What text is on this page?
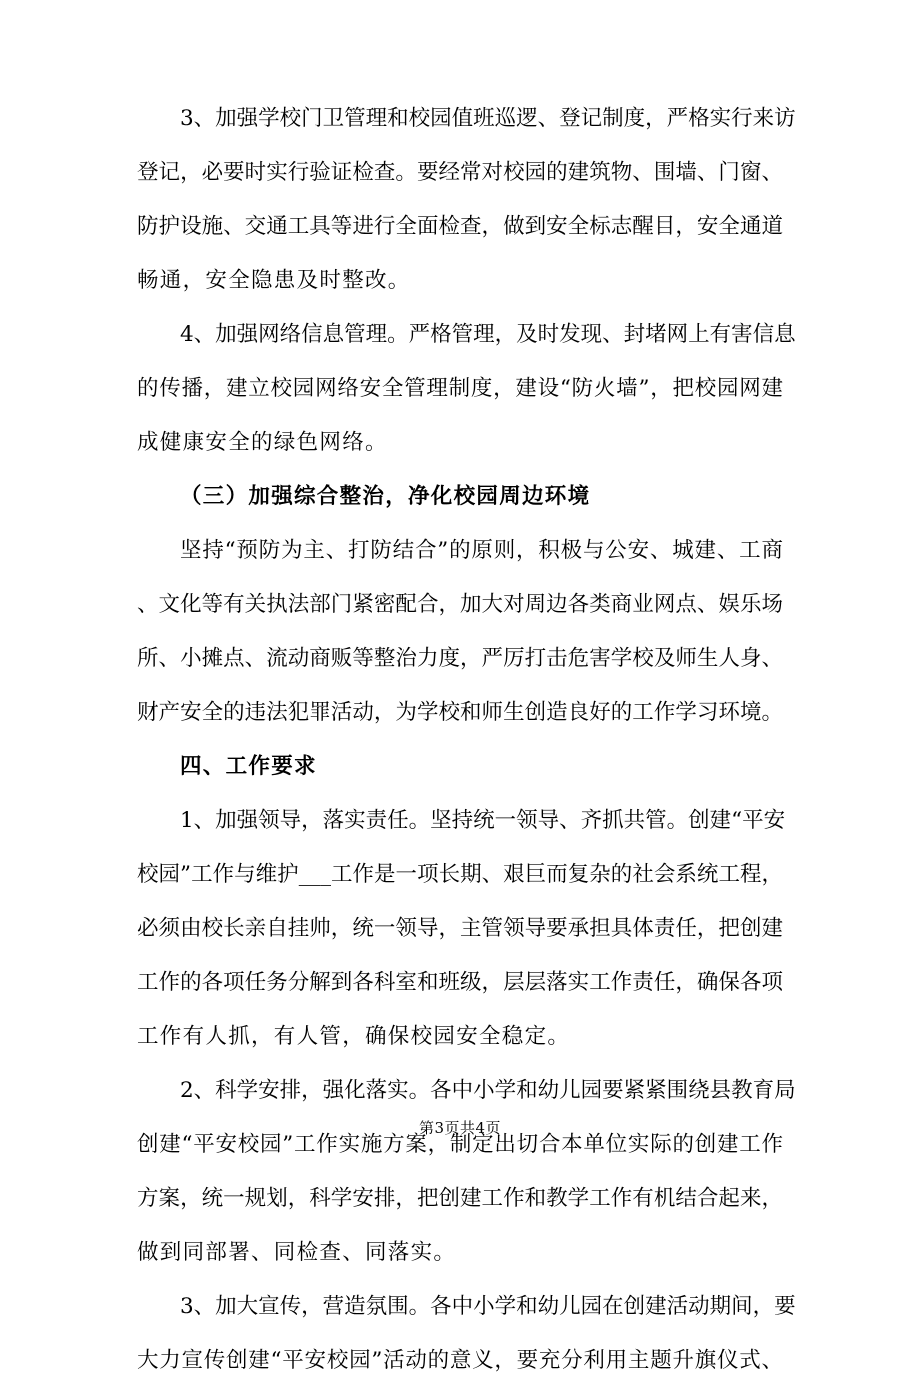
3、加强学校门卫管理和校园值班巡逻、登记制度，严格实行来访
登记，必要时实行验证检查。要经常对校园的建筑物、围墙、门窗、
防护设施、交通工具等进行全面检查，做到安全标志醒目，安全通道
畅通，安全隐患及时整改。
4、加强网络信息管理。严格管理，及时发现、封堵网上有害信息
的传播，建立校园网络安全管理制度，建设“防火墙”，把校园网建
成健康安全的绿色网络。
（三）加强综合整治，净化校园周边环境
坚持“预防为主、打防结合”的原则，积极与公安、城建、工商
、文化等有关执法部门紧密配合，加大对周边各类商业网点、娱乐场
所、小摊点、流动商贩等整治力度，严厉打击危害学校及师生人身、
财产安全的违法犯罪活动，为学校和师生创造良好的工作学习环境。
四、工作要求
1、加强领导，落实责任。坚持统一领导、齐抓共管。创建“平安
校园”工作与维护___工作是一项长期、艰巨而复杂的社会系统工程，
必须由校长亲自挂帅，统一领导，主管领导要承担具体责任，把创建
工作的各项任务分解到各科室和班级，层层落实工作责任，确保各项
工作有人抓，有人管，确保校园安全稳定。
2、科学安排，强化落实。各中小学和幼儿园要紧紧围绕县教育局
创建“平安校园”工作实施方案，制定出切合本单位实际的创建工作
方案，统一规划，科学安排，把创建工作和教学工作有机结合起来，
做到同部署、同检查、同落实。
3、加大宣传，营造氛围。各中小学和幼儿园在创建活动期间，要
大力宣传创建“平安校园”活动的意义，要充分利用主题升旗仪式、
第3页共4页
